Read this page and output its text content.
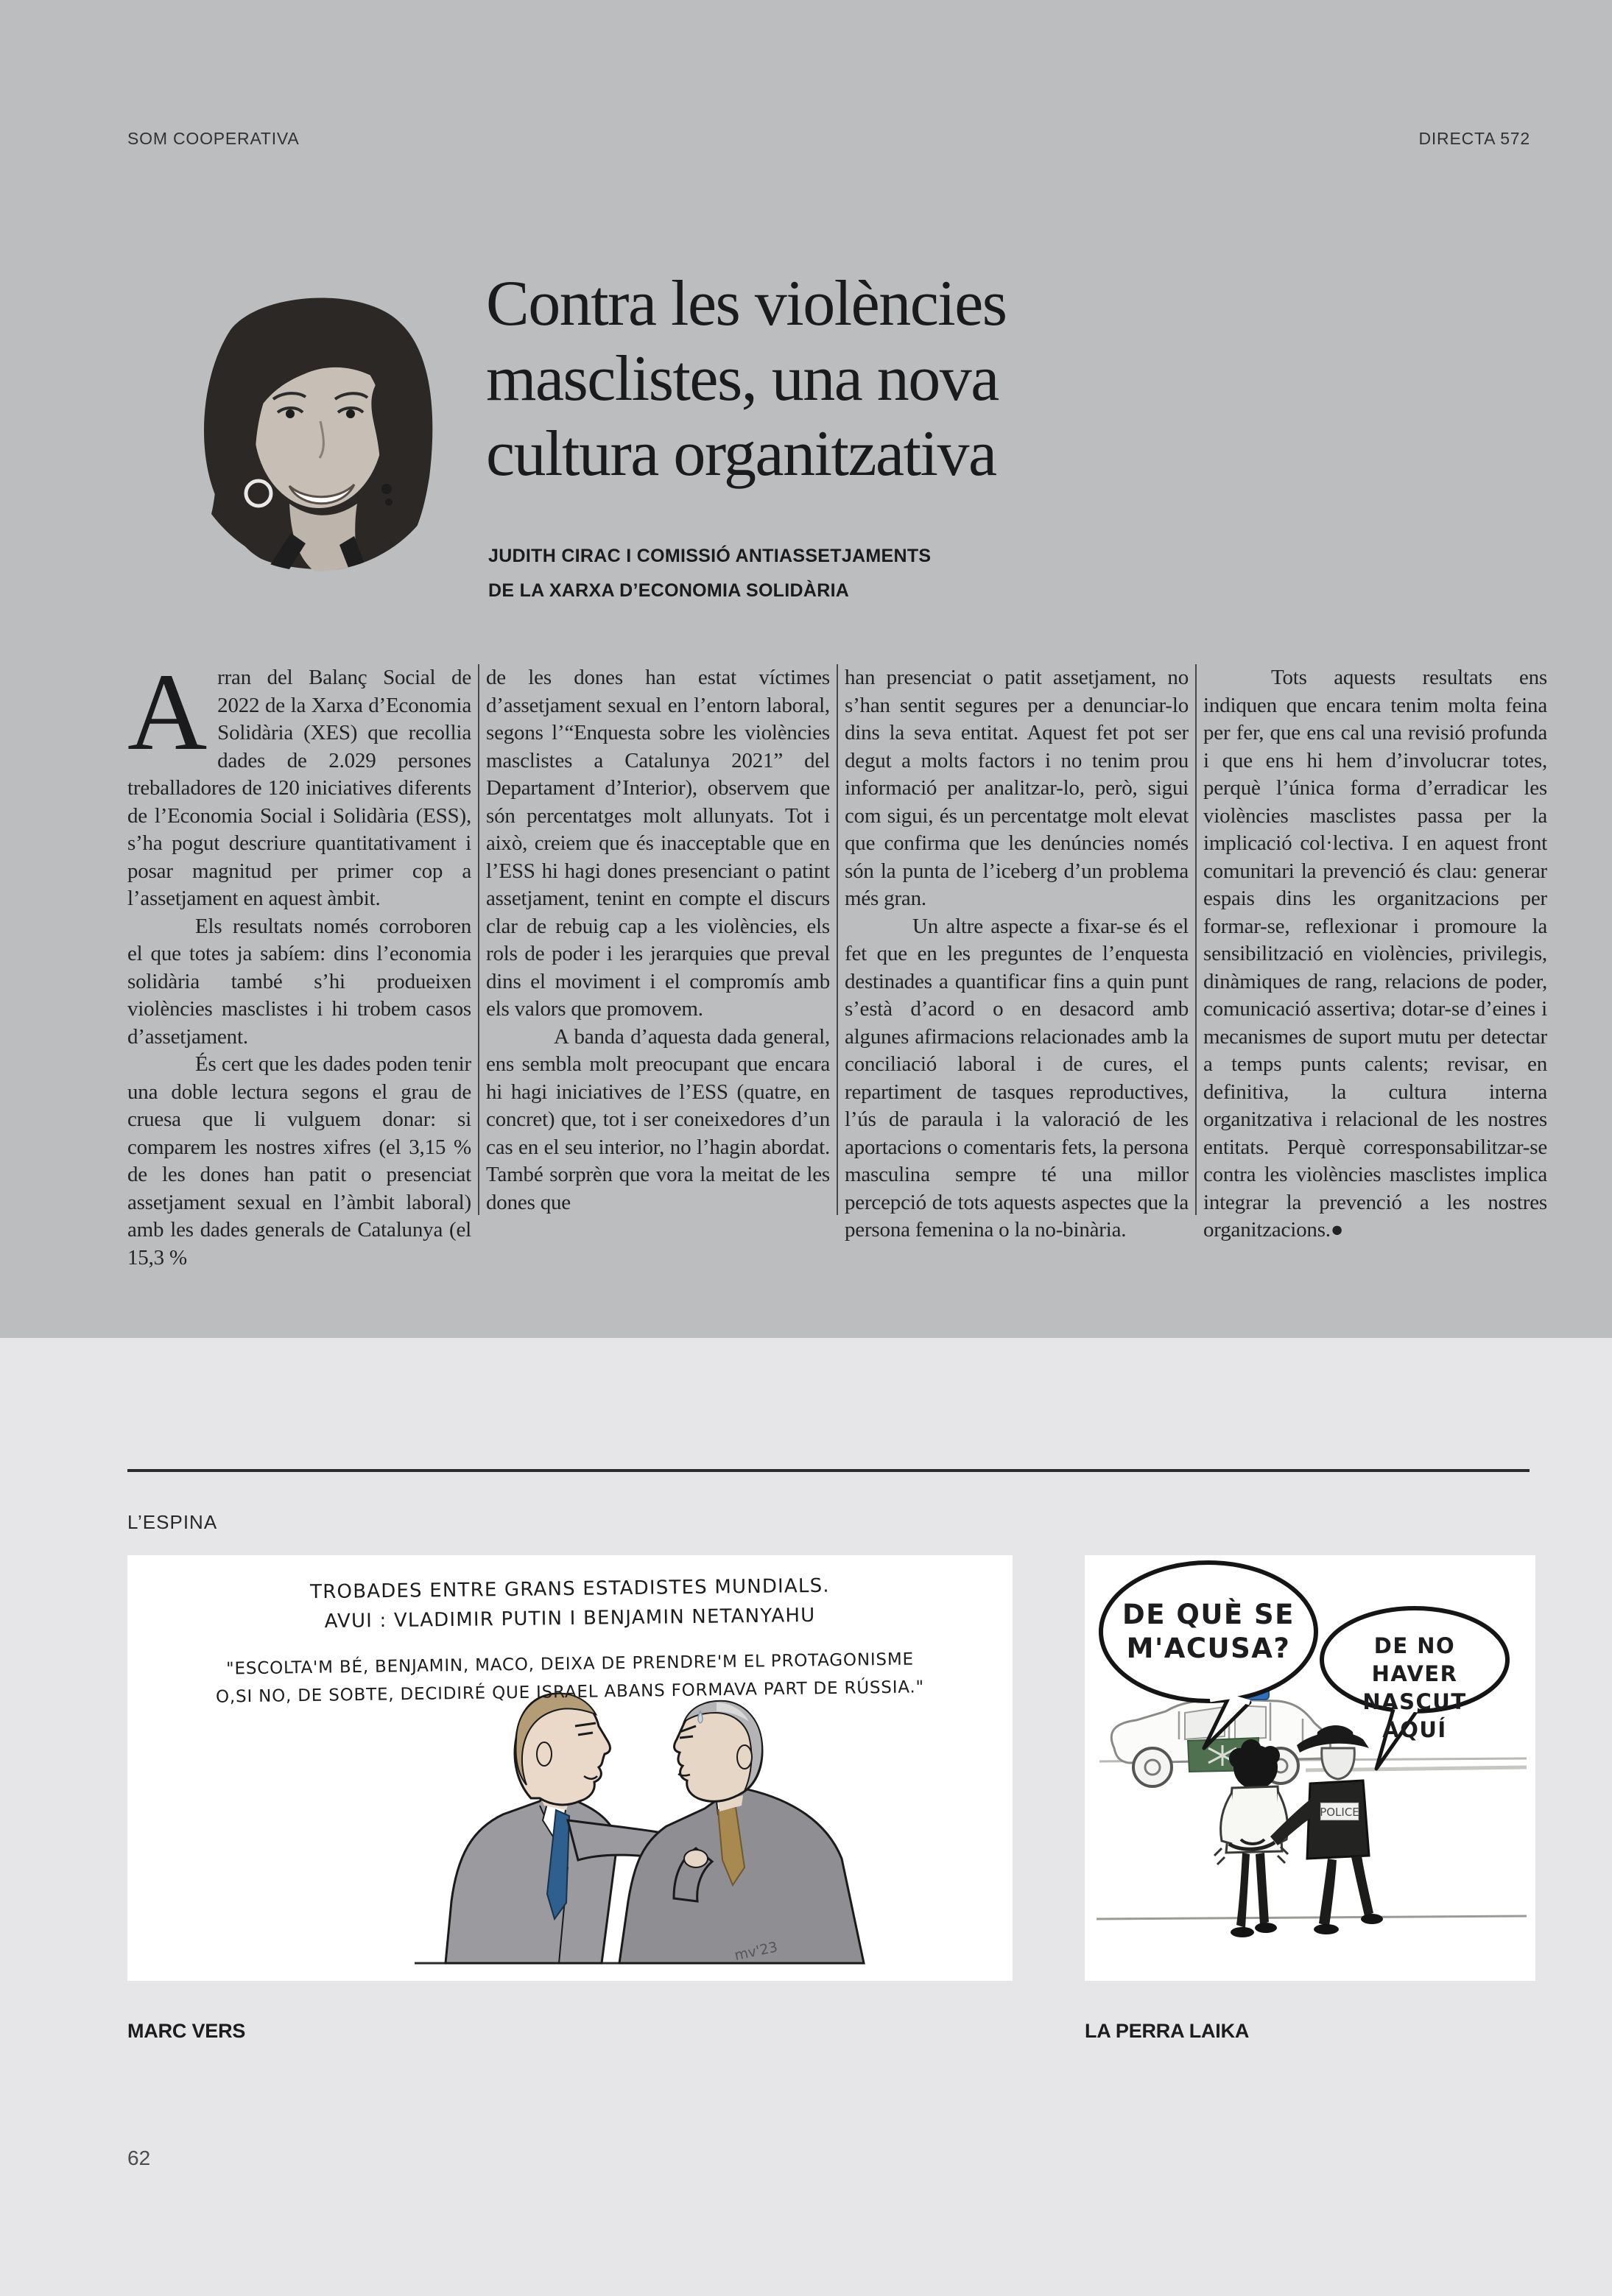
SOM COOPERATIVA	DIRECTA 572
Contra les violències
masclistes, una nova
cultura organitzativa
JUDITH CIRAC I COMISSIÓ ANTIASSETJAMENTS
DE LA XARXA D’ECONOMIA SOLIDÀRIA

Arran del Balanç Social de 2022 de la Xarxa d’Economia Solidària (XES) que recollia dades de 2.029 persones treballadores de 120 iniciatives diferents de l’Economia Social i Solidària (ESS), s’ha pogut descriure quantitativament i posar magnitud per primer cop a l’assetjament en aquest àmbit.

Els resultats només corroboren el que totes ja sabíem: dins l’economia solidària també s’hi produeixen violències masclistes i hi trobem casos d’assetjament.

És cert que les dades poden tenir una doble lectura segons el grau de cruesa que li vulguem donar: si comparem les nostres xifres (el 3,15 % de les dones han patit o presenciat assetjament sexual en l’àmbit laboral) amb les dades generals de Catalunya (el 15,3 %

de les dones han estat víctimes d’assetjament sexual en l’entorn laboral, segons l’“Enquesta sobre les violències masclistes a Catalunya 2021” del Departament d’Interior), observem que són percentatges molt allunyats. Tot i això, creiem que és inacceptable que en l’ESS hi hagi dones presenciant o patint assetjament, tenint en compte el discurs clar de rebuig cap a les violències, els rols de poder i les jerarquies que preval dins el moviment i el compromís amb els valors que promovem.

A banda d’aquesta dada general, ens sembla molt preocupant que encara hi hagi iniciatives de l’ESS (quatre, en concret) que, tot i ser coneixedores d’un cas en el seu interior, no l’hagin abordat. També sorprèn que vora la meitat de les dones que

han presenciat o patit assetjament, no s’han sentit segures per a denunciar-lo dins la seva entitat. Aquest fet pot ser degut a molts factors i no tenim prou informació per analitzar-lo, però, sigui com sigui, és un percentatge molt elevat que confirma que les denúncies només són la punta de l’iceberg d’un problema més gran.

Un altre aspecte a fixar-se és el fet que en les preguntes de l’enquesta destinades a quantificar fins a quin punt s’està d’acord o en desacord amb algunes afirmacions relacionades amb la conciliació laboral i de cures, el repartiment de tasques reproductives, l’ús de paraula i la valoració de les aportacions o comentaris fets, la persona masculina sempre té una millor percepció de tots aquests aspectes que la persona femenina o la no-binària.

Tots aquests resultats ens indiquen que encara tenim molta feina per fer, que ens cal una revisió profunda i que ens hi hem d’involucrar totes, perquè l’única forma d’erradicar les violències masclistes passa per la implicació col·lectiva. I en aquest front comunitari la prevenció és clau: generar espais dins les organitzacions per formar-se, reflexionar i promoure la sensibilització en violències, privilegis, dinàmiques de rang, relacions de poder, comunicació assertiva; dotar-se d’eines i mecanismes de suport mutu per detectar a temps punts calents; revisar, en definitiva, la cultura interna organitzativa i relacional de les nostres entitats. Perquè corresponsabilitzar-se contra les violències masclistes implica integrar la prevenció a les nostres organitzacions.●

L’ESPINA
mv'23
TROBADES ENTRE GRANS ESTADISTES MUNDIALS.
AVUI : VLADIMIR PUTIN I BENJAMIN NETANYAHU
"ESCOLTA'M BÉ, BENJAMIN, MACO, DEIXA DE PRENDRE'M EL PROTAGONISME
O,SI NO, DE SOBTE, DECIDIRÉ QUE ISRAEL ABANS FORMAVA PART DE RÚSSIA."
POLICE
DE QUÈ SE
M'ACUSA?	DE NO HAVER
NASCUT AQUÍ
MARC VERS	LA PERRA LAIKA
62
